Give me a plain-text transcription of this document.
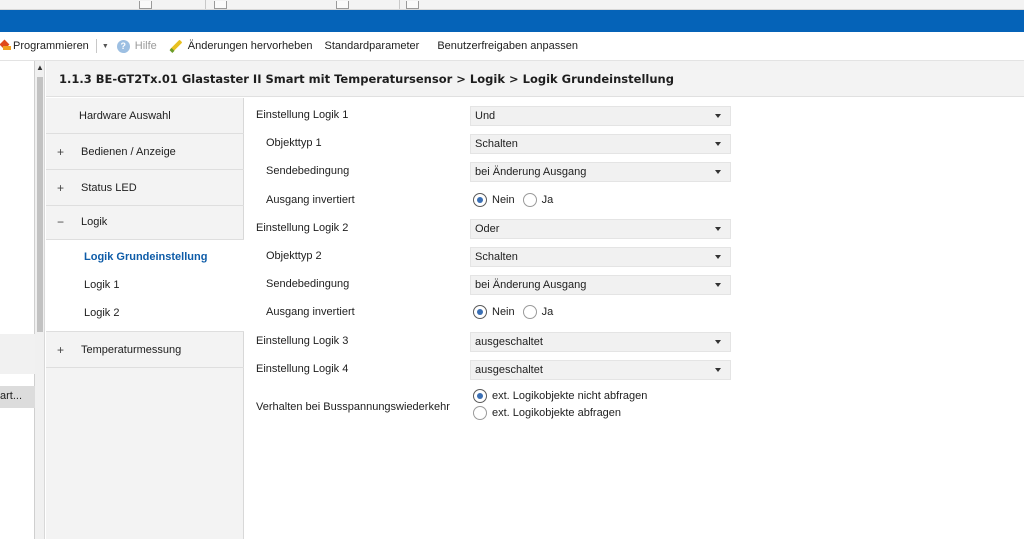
Programmieren ▼	? Hilfe	Änderungen hervorheben Standardparameter Benutzerfreigaben anpassen
art...
▲
1.1.3 BE-GT2Tx.01 Glastaster II Smart mit Temperatursensor > Logik > Logik Grundeinstellung
Hardware Auswahl
+	Bedienen / Anzeige
+	Status LED
−	Logik
Logik Grundeinstellung
Logik 1
Logik 2
+	Temperaturmessung
Einstellung Logik 1	Und
Objekttyp 1	Schalten
Sendebedingung	bei Änderung Ausgang
Ausgang invertiert	Nein Ja
Einstellung Logik 2	Oder
Objekttyp 2	Schalten
Sendebedingung	bei Änderung Ausgang
Ausgang invertiert	Nein Ja
Einstellung Logik 3	ausgeschaltet
Einstellung Logik 4	ausgeschaltet
Verhalten bei Busspannungswiederkehr
ext. Logikobjekte nicht abfragen
ext. Logikobjekte abfragen
